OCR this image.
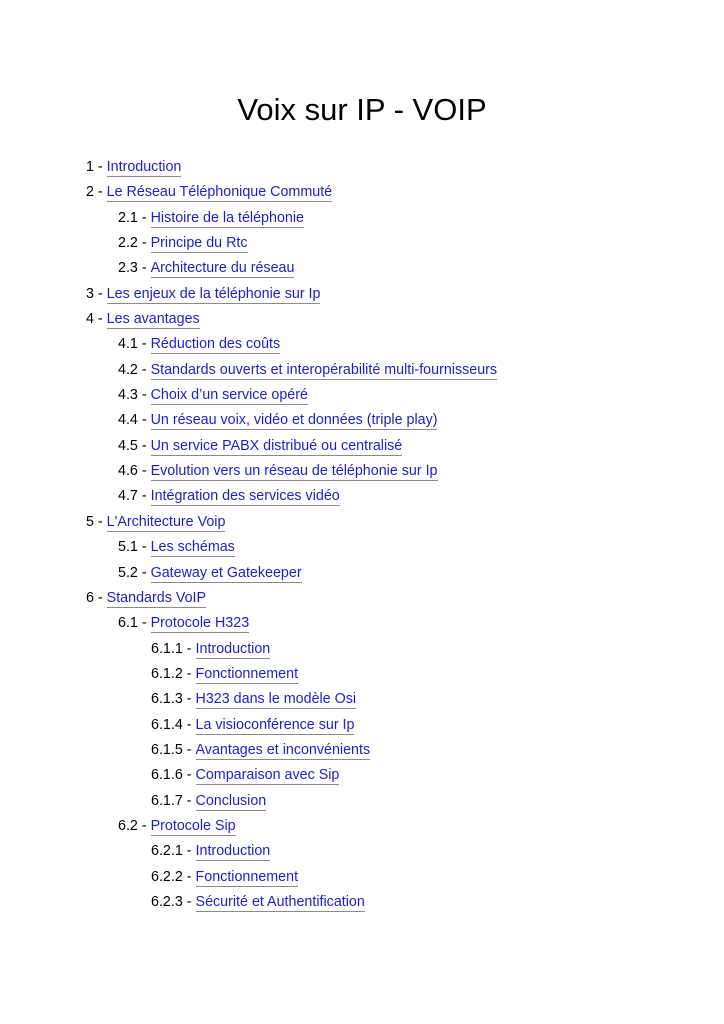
Voix sur IP - VOIP
1 - Introduction
2 - Le Réseau Téléphonique Commuté
2.1 - Histoire de la téléphonie
2.2 - Principe du Rtc
2.3 - Architecture du réseau
3 - Les enjeux de la téléphonie sur Ip
4 - Les avantages
4.1 - Réduction des coûts
4.2 - Standards ouverts et interopérabilité multi-fournisseurs
4.3 - Choix d’un service opéré
4.4 - Un réseau voix, vidéo et données (triple play)
4.5 - Un service PABX distribué ou centralisé
4.6 - Evolution vers un réseau de téléphonie sur Ip
4.7 - Intégration des services vidéo
5 - L'Architecture Voip
5.1 - Les schémas
5.2 - Gateway et Gatekeeper
6 - Standards VoIP
6.1 - Protocole H323
6.1.1 - Introduction
6.1.2 - Fonctionnement
6.1.3 - H323 dans le modèle Osi
6.1.4 - La visioconférence sur Ip
6.1.5 - Avantages et inconvénients
6.1.6 - Comparaison avec Sip
6.1.7 - Conclusion
6.2 - Protocole Sip
6.2.1 - Introduction
6.2.2 - Fonctionnement
6.2.3 - Sécurité et Authentification
